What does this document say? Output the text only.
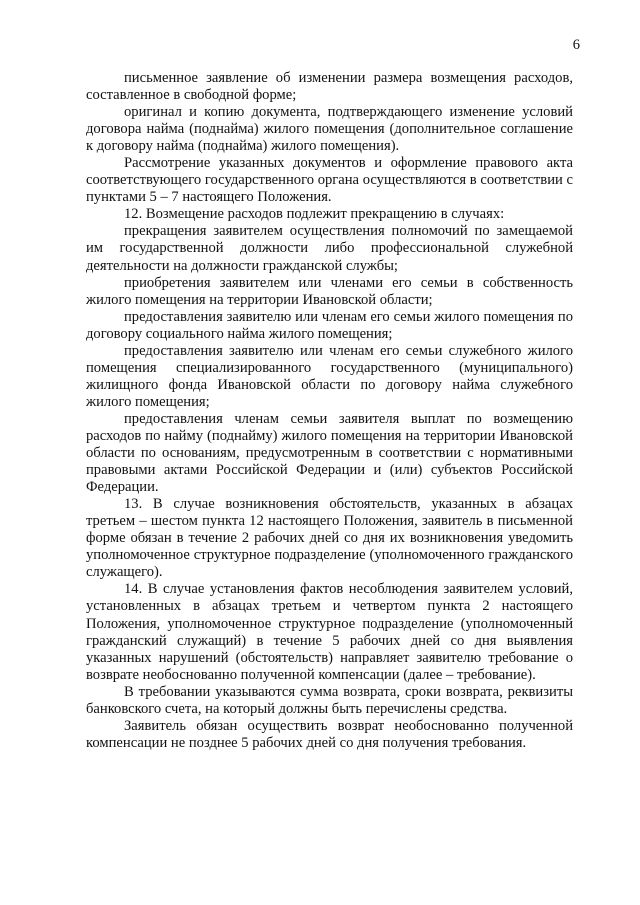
6

письменное заявление об изменении размера возмещения расходов, составленное в свободной форме;

оригинал и копию документа, подтверждающего изменение условий договора найма (поднайма) жилого помещения (дополнительное соглашение к договору найма (поднайма) жилого помещения).

Рассмотрение указанных документов и оформление правового акта соответствующего государственного органа осуществляются в соответствии с пунктами 5 – 7 настоящего Положения.

12. Возмещение расходов подлежит прекращению в случаях:

прекращения заявителем осуществления полномочий по замещаемой им государственной должности либо профессиональной служебной деятельности на должности гражданской службы;

приобретения заявителем или членами его семьи в собственность жилого помещения на территории Ивановской области;

предоставления заявителю или членам его семьи жилого помещения по договору социального найма жилого помещения;

предоставления заявителю или членам его семьи служебного жилого помещения специализированного государственного (муниципального) жилищного фонда Ивановской области по договору найма служебного жилого помещения;

предоставления членам семьи заявителя выплат по возмещению расходов по найму (поднайму) жилого помещения на территории Ивановской области по основаниям, предусмотренным в соответствии с нормативными правовыми актами Российской Федерации и (или) субъектов Российской Федерации.

13. В случае возникновения обстоятельств, указанных в абзацах третьем – шестом пункта 12 настоящего Положения, заявитель в письменной форме обязан в течение 2 рабочих дней со дня их возникновения уведомить уполномоченное структурное подразделение (уполномоченного гражданского служащего).

14. В случае установления фактов несоблюдения заявителем условий, установленных в абзацах третьем и четвертом пункта 2 настоящего Положения, уполномоченное структурное подразделение (уполномоченный гражданский служащий) в течение 5 рабочих дней со дня выявления указанных нарушений (обстоятельств) направляет заявителю требование о возврате необоснованно полученной компенсации (далее – требование).

В требовании указываются сумма возврата, сроки возврата, реквизиты банковского счета, на который должны быть перечислены средства.

Заявитель обязан осуществить возврат необоснованно полученной компенсации не позднее 5 рабочих дней со дня получения требования.
